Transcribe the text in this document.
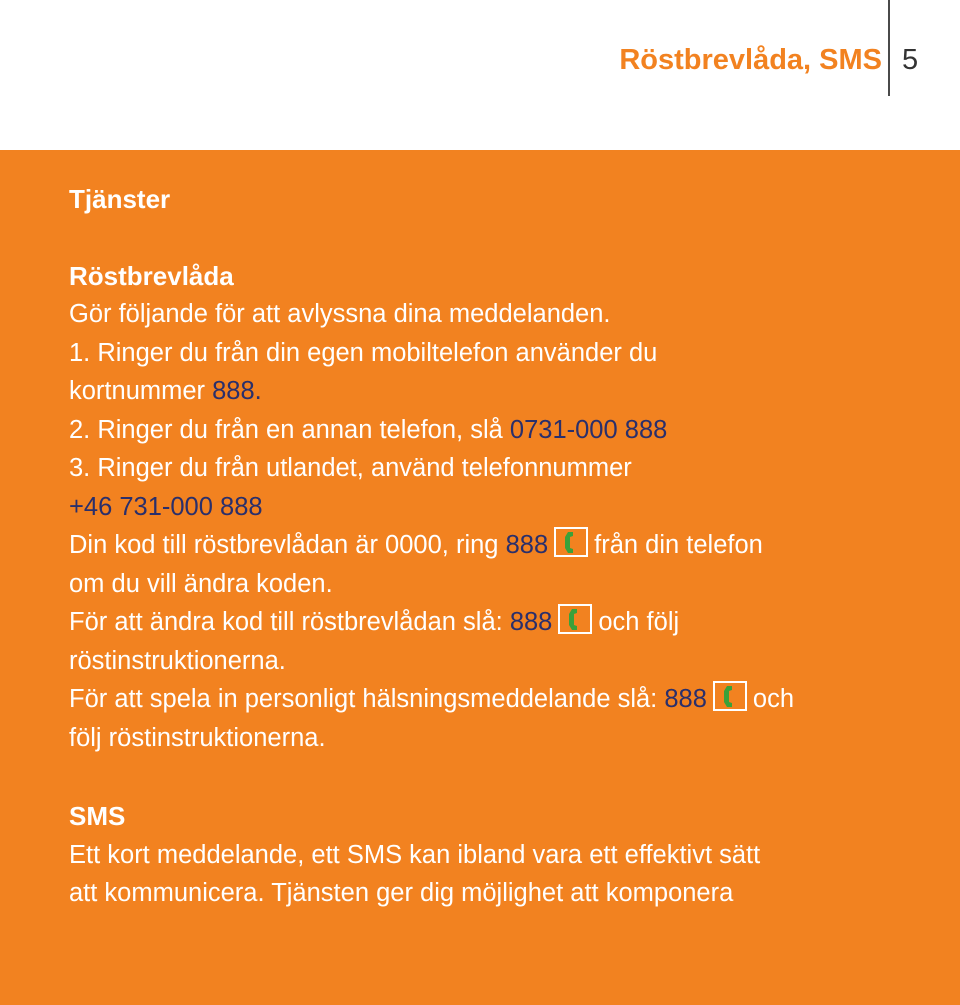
Röstbrevlåda, SMS 5

Tjänster

Röstbrevlåda

Gör följande för att avlyssna dina meddelanden.

1. Ringer du från din egen mobiltelefon använder du

kortnummer 888.

2. Ringer du från en annan telefon, slå 0731-000 888

3. Ringer du från utlandet, använd telefonnummer

+46 731-000 888

Din kod till röstbrevlådan är 0000, ring 888 från din telefon

om du vill ändra koden.

För att ändra kod till röstbrevlådan slå: 888 och följ

röstinstruktionerna.

För att spela in personligt hälsningsmeddelande slå: 888 och

följ röstinstruktionerna.

SMS

Ett kort meddelande, ett SMS kan ibland vara ett effektivt sätt

att kommunicera. Tjänsten ger dig möjlighet att komponera
